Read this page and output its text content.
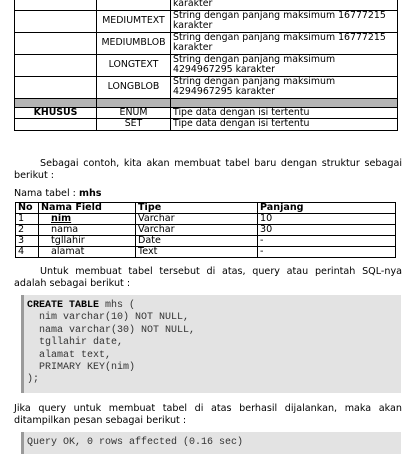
		karakter
	MEDIUMTEXT	String dengan panjang maksimum 16777215 karakter
	MEDIUMBLOB	String dengan panjang maksimum 16777215 karakter
	LONGTEXT	String dengan panjang maksimum 4294967295 karakter
	LONGBLOB	String dengan panjang maksimum 4294967295 karakter

KHUSUS	ENUM	Tipe data dengan isi tertentu
	SET	Tipe data dengan isi tertentu
Sebagai contoh, kita akan membuat tabel baru dengan struktur sebagai berikut :
Nama tabel : mhs
No	Nama Field	Tipe	Panjang
1	nim	Varchar	10
2	nama	Varchar	30
3	tgllahir	Date	-
4	alamat	Text	-
Untuk membuat tabel tersebut di atas, query atau perintah SQL-nya adalah sebagai berikut :
CREATE TABLE mhs (
nim varchar(10) NOT NULL,
nama varchar(30) NOT NULL,
tgllahir date,
alamat text,
PRIMARY KEY(nim)
);
Jika query untuk membuat tabel di atas berhasil dijalankan, maka akan ditampilkan pesan sebagai berikut :
Query OK, 0 rows affected (0.16 sec)
